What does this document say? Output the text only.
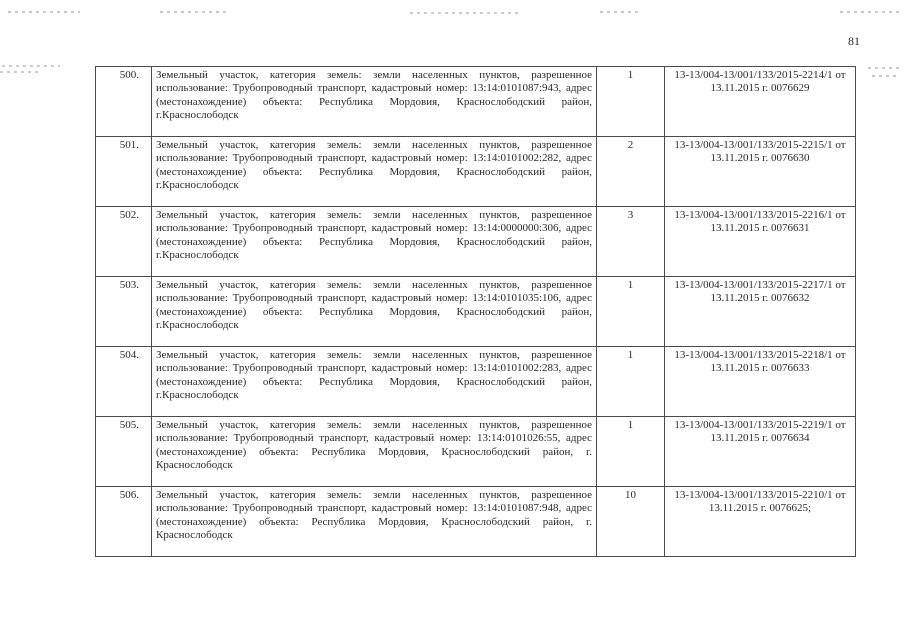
81
500.	Земельный участок, категория земель: земли населенных пунктов, разрешенное использование: Трубопроводный транспорт, кадастровый номер: 13:14:0101087:943, адрес (местонахождение) объекта: Республика Мордовия, Краснослободский район, г.Краснослободск	1	13-13/004-13/001/133/2015-2214/1 от 13.11.2015 г. 0076629
501.	Земельный участок, категория земель: земли населенных пунктов, разрешенное использование: Трубопроводный транспорт, кадастровый номер: 13:14:0101002:282, адрес (местонахождение) объекта: Республика Мордовия, Краснослободский район, г.Краснослободск	2	13-13/004-13/001/133/2015-2215/1 от 13.11.2015 г. 0076630
502.	Земельный участок, категория земель: земли населенных пунктов, разрешенное использование: Трубопроводный транспорт, кадастровый номер: 13:14:0000000:306, адрес (местонахождение) объекта: Республика Мордовия, Краснослободский район, г.Краснослободск	3	13-13/004-13/001/133/2015-2216/1 от 13.11.2015 г. 0076631
503.	Земельный участок, категория земель: земли населенных пунктов, разрешенное использование: Трубопроводный транспорт, кадастровый номер: 13:14:0101035:106, адрес (местонахождение) объекта: Республика Мордовия, Краснослободский район, г.Краснослободск	1	13-13/004-13/001/133/2015-2217/1 от 13.11.2015 г. 0076632
504.	Земельный участок, категория земель: земли населенных пунктов, разрешенное использование: Трубопроводный транспорт, кадастровый номер: 13:14:0101002:283, адрес (местонахождение) объекта: Республика Мордовия, Краснослободский район, г.Краснослободск	1	13-13/004-13/001/133/2015-2218/1 от 13.11.2015 г. 0076633
505.	Земельный участок, категория земель: земли населенных пунктов, разрешенное использование: Трубопроводный транспорт, кадастровый номер: 13:14:0101026:55, адрес (местонахождение) объекта: Республика Мордовия, Краснослободский район, г. Краснослободск	1	13-13/004-13/001/133/2015-2219/1 от 13.11.2015 г. 0076634
506.	Земельный участок, категория земель: земли населенных пунктов, разрешенное использование: Трубопроводный транспорт, кадастровый номер: 13:14:0101087:948, адрес (местонахождение) объекта: Республика Мордовия, Краснослободский район, г. Краснослободск	10	13-13/004-13/001/133/2015-2210/1 от 13.11.2015 г. 0076625;
